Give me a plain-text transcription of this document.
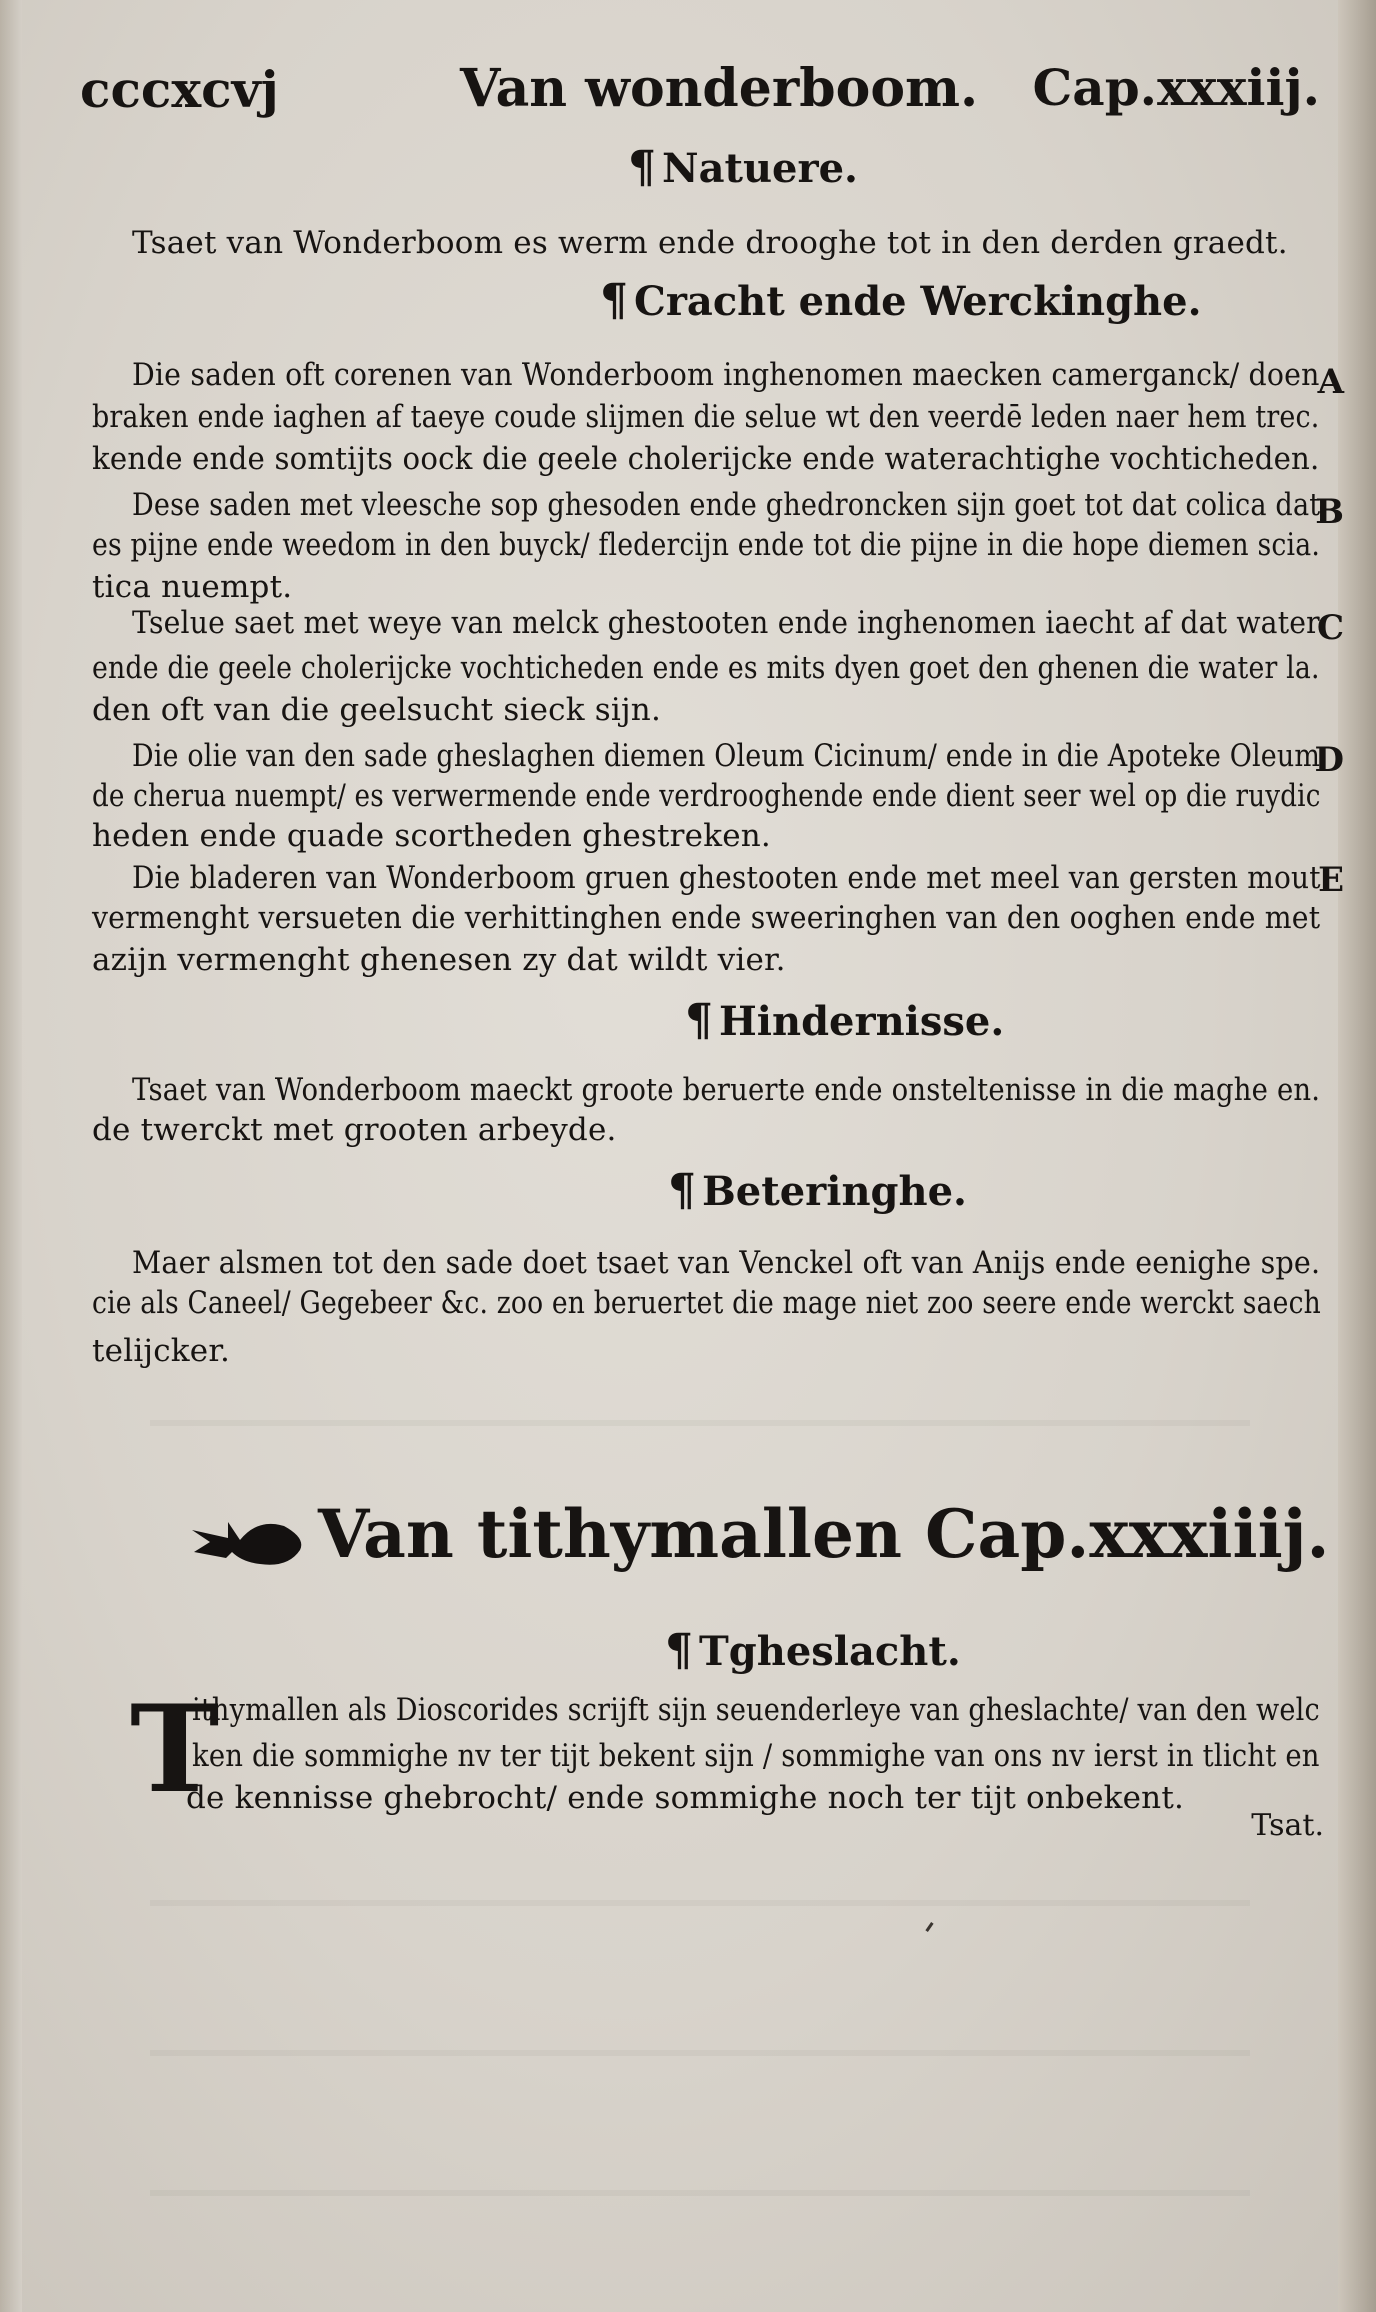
cccxcvj	Van wonderboom. Cap.xxxiij.
¶ Natuere.
Tsaet van Wonderboom es werm ende drooghe tot in den derden graedt.
¶ Cracht ende Werckinghe.
Die saden oft corenen van Wonderboom inghenomen maecken camerganck/ doen
braken ende iaghen af taeye coude slijmen die selue wt den veerdē leden naer hem trec.
kende ende somtijts oock die geele cholerijcke ende waterachtighe vochticheden.
Dese saden met vleesche sop ghesoden ende ghedroncken sijn goet tot dat colica dat
es pijne ende weedom in den buyck/ fledercijn ende tot die pijne in die hope diemen scia.
tica nuempt.
Tselue saet met weye van melck ghestooten ende inghenomen iaecht af dat water
ende die geele cholerijcke vochticheden ende es mits dyen goet den ghenen die water la.
den oft van die geelsucht sieck sijn.
Die olie van den sade gheslaghen diemen Oleum Cicinum/ ende in die Apoteke Oleum
de cherua nuempt/ es verwermende ende verdrooghende ende dient seer wel op die ruydic
heden ende quade scortheden ghestreken.
Die bladeren van Wonderboom gruen ghestooten ende met meel van gersten mout
vermenght versueten die verhittinghen ende sweeringhen van den ooghen ende met
azijn vermenght ghenesen zy dat wildt vier.
A
B
C
D
E
¶ Hindernisse.
Tsaet van Wonderboom maeckt groote beruerte ende onsteltenisse in die maghe en.
de twerckt met grooten arbeyde.
¶ Beteringhe.
Maer alsmen tot den sade doet tsaet van Venckel oft van Anijs ende eenighe spe.
cie als Caneel/ Gegebeer &c. zoo en beruertet die mage niet zoo seere ende werckt saech
telijcker.
Van tithymallen Cap.xxxiiij.
¶ Tgheslacht.
T
ithymallen als Dioscorides scrijft sijn seuenderleye van gheslachte/ van den welc
ken die sommighe nv ter tijt bekent sijn / sommighe van ons nv ierst in tlicht en
de kennisse ghebrocht/ ende sommighe noch ter tijt onbekent.
Tsat.
